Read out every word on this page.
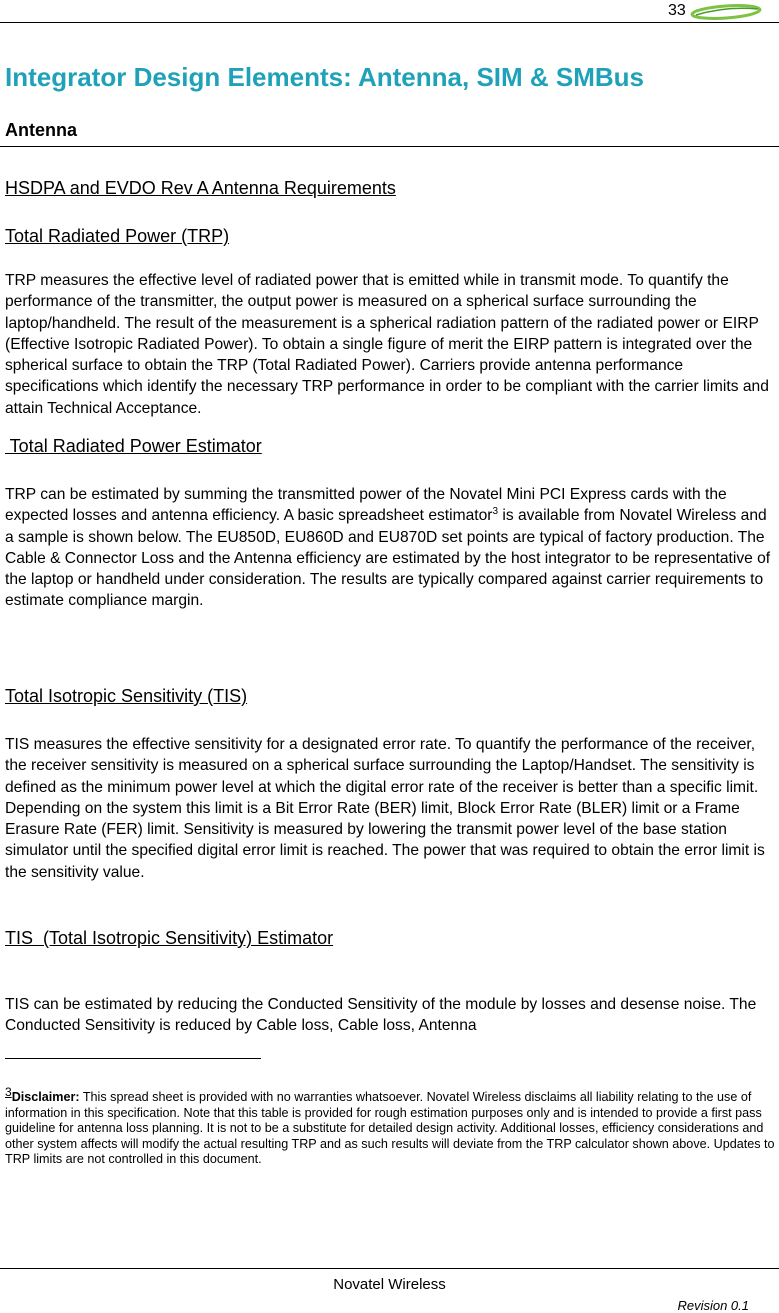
33
Integrator Design Elements: Antenna, SIM & SMBus
Antenna
HSDPA and EVDO Rev A Antenna Requirements
Total Radiated Power (TRP)
TRP measures the effective level of radiated power that is emitted while in transmit mode. To quantify the performance of the transmitter, the output power is measured on a spherical surface surrounding the laptop/handheld. The result of the measurement is a spherical radiation pattern of the radiated power or EIRP (Effective Isotropic Radiated Power). To obtain a single figure of merit the EIRP pattern is integrated over the spherical surface to obtain the TRP (Total Radiated Power). Carriers provide antenna performance specifications which identify the necessary TRP performance in order to be compliant with the carrier limits and attain Technical Acceptance.
Total Radiated Power Estimator
TRP can be estimated by summing the transmitted power of the Novatel Mini PCI Express cards with the expected losses and antenna efficiency. A basic spreadsheet estimator$^3$ is available from Novatel Wireless and a sample is shown below. The EU850D, EU860D and EU870D set points are typical of factory production. The Cable & Connector Loss and the Antenna efficiency are estimated by the host integrator to be representative of the laptop or handheld under consideration. The results are typically compared against carrier requirements to estimate compliance margin.
Total Isotropic Sensitivity (TIS)
TIS measures the effective sensitivity for a designated error rate. To quantify the performance of the receiver, the receiver sensitivity is measured on a spherical surface surrounding the Laptop/Handset. The sensitivity is defined as the minimum power level at which the digital error rate of the receiver is better than a specific limit. Depending on the system this limit is a Bit Error Rate (BER) limit, Block Error Rate (BLER) limit or a Frame Erasure Rate (FER) limit. Sensitivity is measured by lowering the transmit power level of the base station simulator until the specified digital error limit is reached. The power that was required to obtain the error limit is the sensitivity value.
TIS  (Total Isotropic Sensitivity) Estimator
TIS can be estimated by reducing the Conducted Sensitivity of the module by losses and desense noise. The Conducted Sensitivity is reduced by Cable loss, Cable loss, Antenna
3Disclaimer: This spread sheet is provided with no warranties whatsoever. Novatel Wireless disclaims all liability relating to the use of information in this specification. Note that this table is provided for rough estimation purposes only and is intended to provide a first pass guideline for antenna loss planning. It is not to be a substitute for detailed design activity. Additional losses, efficiency considerations and other system affects will modify the actual resulting TRP and as such results will deviate from the TRP calculator shown above. Updates to TRP limits are not controlled in this document.
Novatel Wireless
Revision 0.1
